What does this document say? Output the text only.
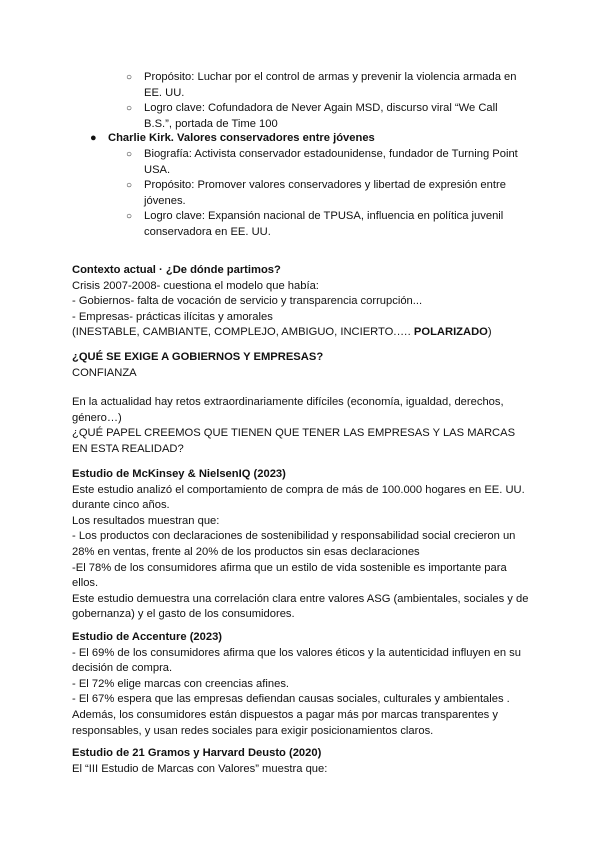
○ Propósito: Luchar por el control de armas y prevenir la violencia armada en EE. UU.
○ Logro clave: Cofundadora de Never Again MSD, discurso viral “We Call B.S.”, portada de Time 100
● Charlie Kirk. Valores conservadores entre jóvenes
○ Biografía: Activista conservador estadounidense, fundador de Turning Point USA.
○ Propósito: Promover valores conservadores y libertad de expresión entre jóvenes.
○ Logro clave: Expansión nacional de TPUSA, influencia en política juvenil conservadora en EE. UU.

Contexto actual · ¿De dónde partimos?

Crisis 2007-2008- cuestiona el modelo que había:

- Gobiernos- falta de vocación de servicio y transparencia corrupción...

- Empresas- prácticas ilícitas y amorales

(INESTABLE, CAMBIANTE, COMPLEJO, AMBIGUO, INCIERTO.…. POLARIZADO)

¿QUÉ SE EXIGE A GOBIERNOS Y EMPRESAS?

CONFIANZA

En la actualidad hay retos extraordinariamente difíciles (economía, igualdad, derechos, género…)

¿QUÉ PAPEL CREEMOS QUE TIENEN QUE TENER LAS EMPRESAS Y LAS MARCAS EN ESTA REALIDAD?

Estudio de McKinsey & NielsenIQ (2023)

Este estudio analizó el comportamiento de compra de más de 100.000 hogares en EE. UU. durante cinco años.

Los resultados muestran que:

- Los productos con declaraciones de sostenibilidad y responsabilidad social crecieron un 28% en ventas, frente al 20% de los productos sin esas declaraciones

-El 78% de los consumidores afirma que un estilo de vida sostenible es importante para ellos.

Este estudio demuestra una correlación clara entre valores ASG (ambientales, sociales y de gobernanza) y el gasto de los consumidores.

Estudio de Accenture (2023)

- El 69% de los consumidores afirma que los valores éticos y la autenticidad influyen en su decisión de compra.

- El 72% elige marcas con creencias afines.

- El 67% espera que las empresas defiendan causas sociales, culturales y ambientales . Además, los consumidores están dispuestos a pagar más por marcas transparentes y responsables, y usan redes sociales para exigir posicionamientos claros.

Estudio de 21 Gramos y Harvard Deusto (2020)

El “III Estudio de Marcas con Valores” muestra que:
